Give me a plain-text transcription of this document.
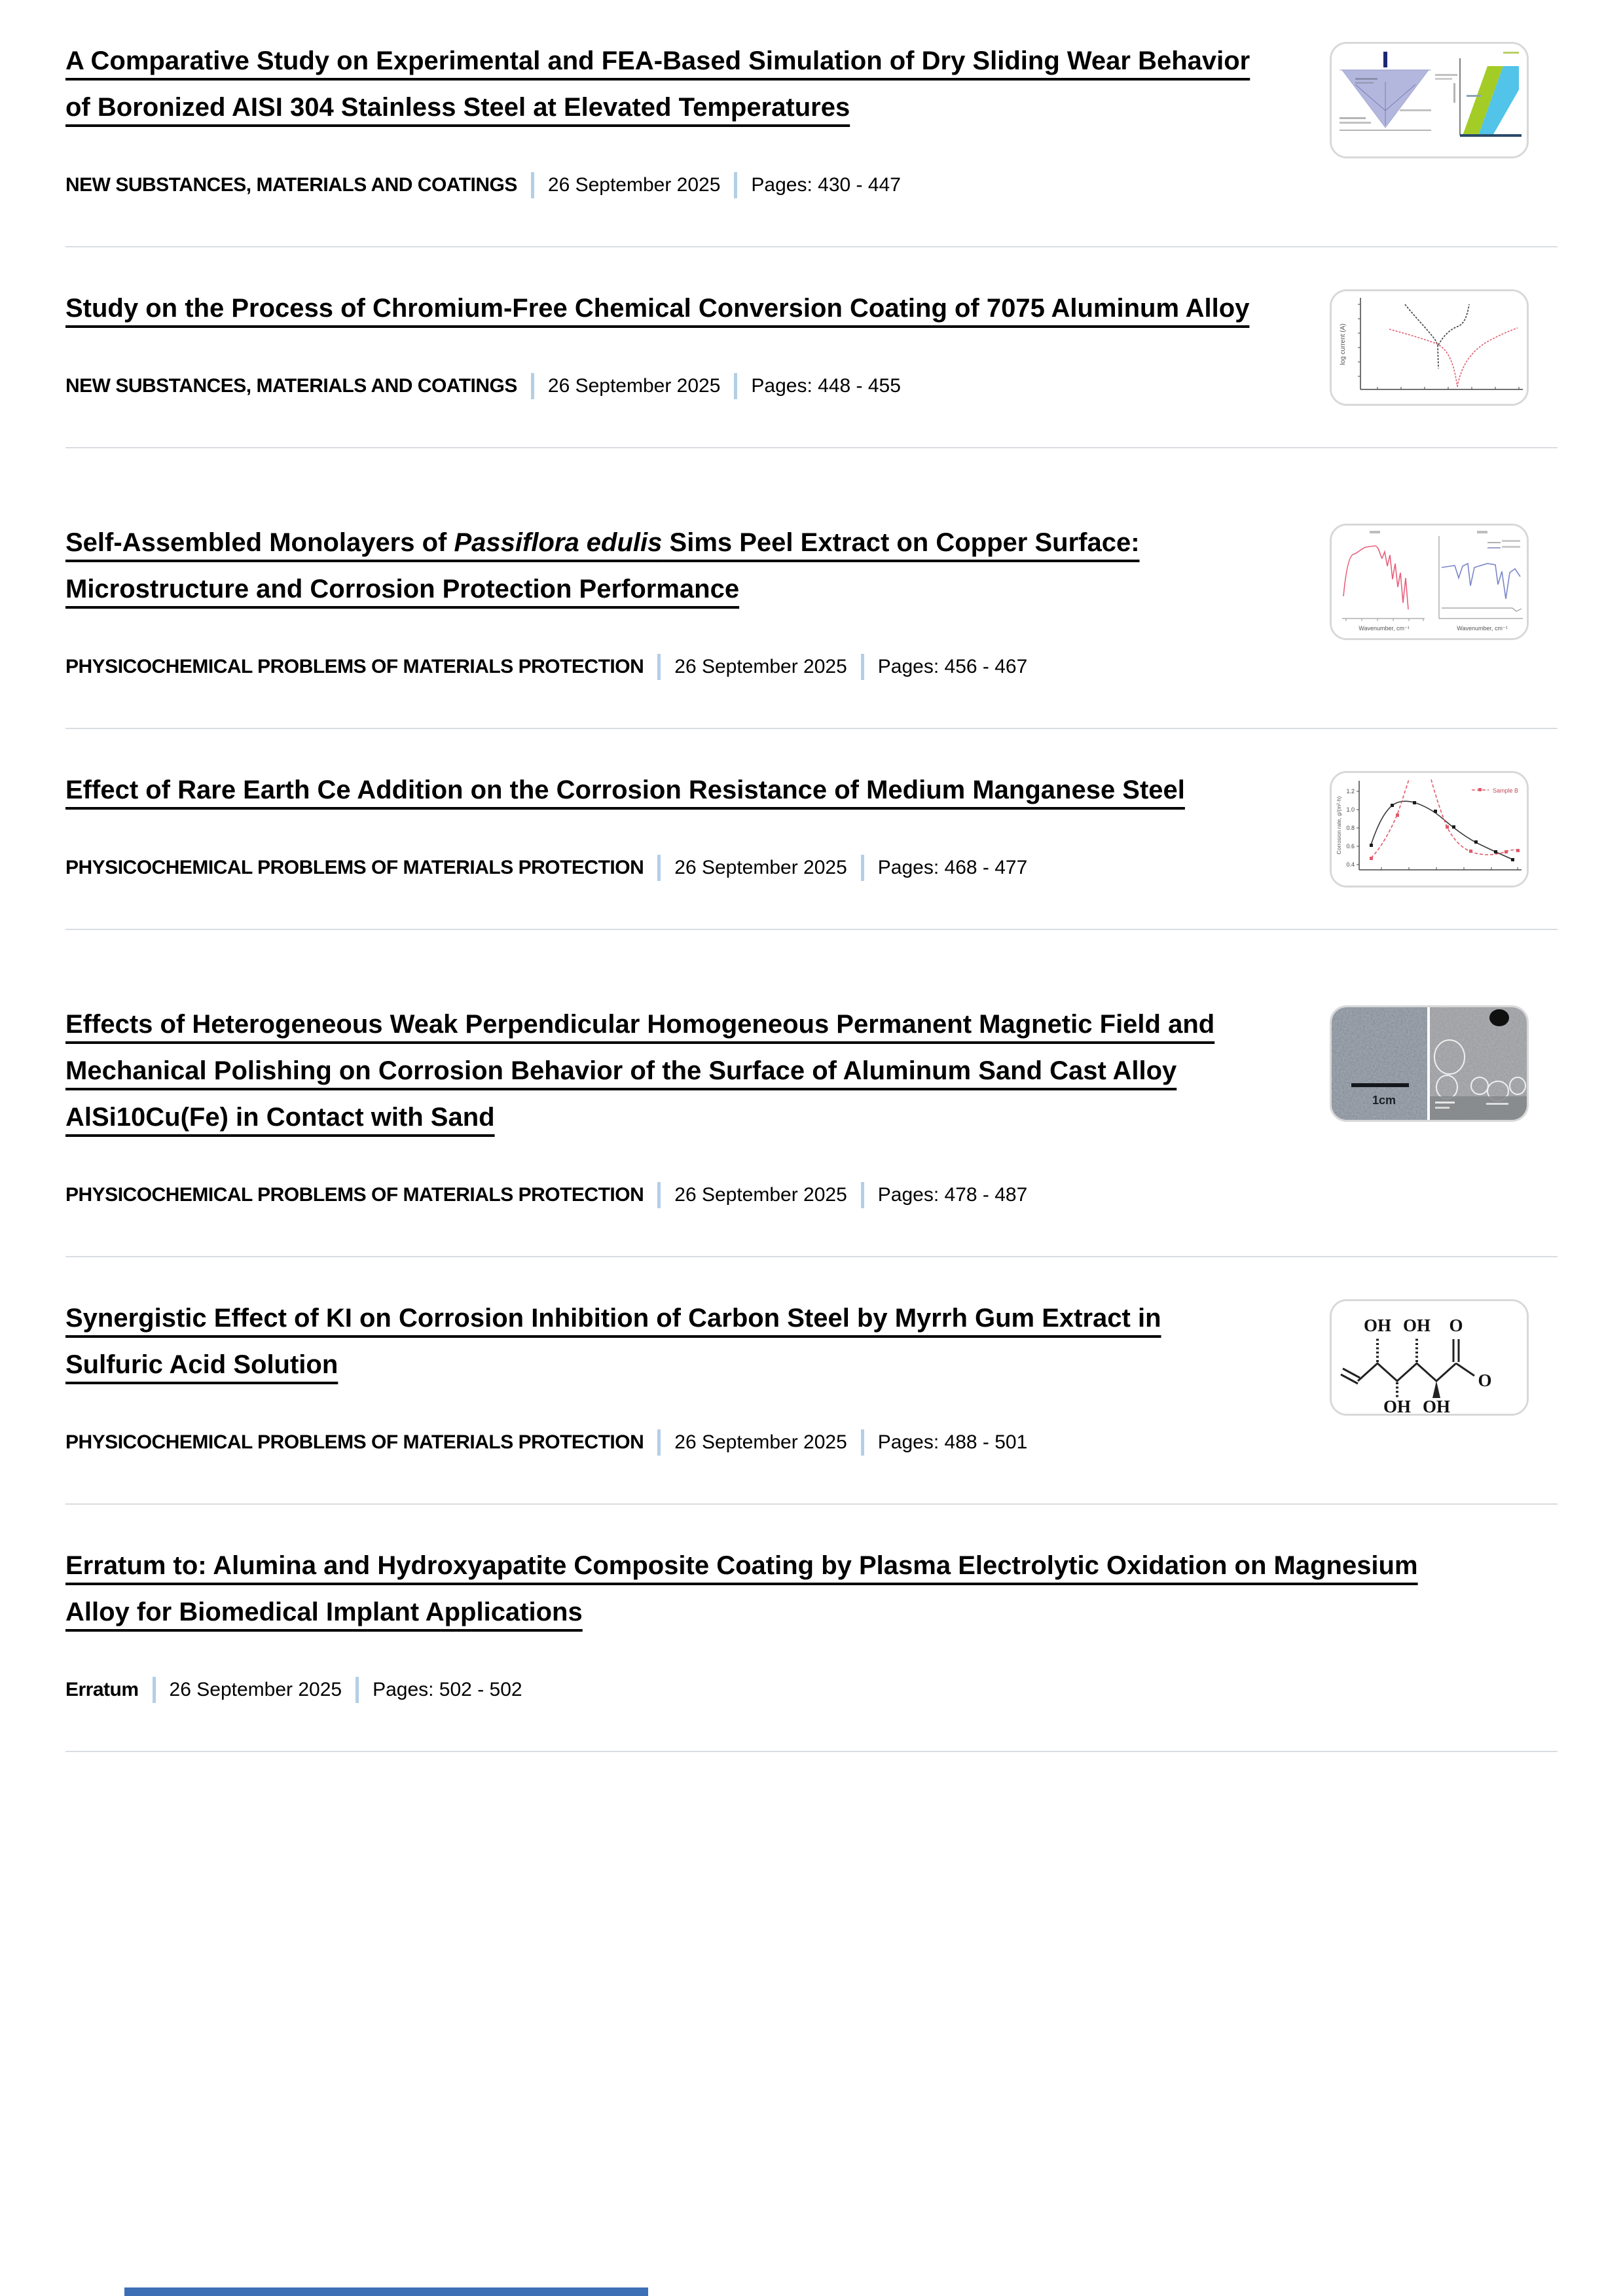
A Comparative Study on Experimental and FEA-Based Simulation of Dry Sliding Wear Behavior of Boronized AISI 304 Stainless Steel at Elevated Temperatures
NEW SUBSTANCES, MATERIALS AND COATINGS 26 September 2025 Pages: 430 - 447
Study on the Process of Chromium-Free Chemical Conversion Coating of 7075 Aluminum Alloy
NEW SUBSTANCES, MATERIALS AND COATINGS 26 September 2025 Pages: 448 - 455
log current (A)
Self-Assembled Monolayers of Passiflora edulis Sims Peel Extract on Copper Surface: Microstructure and Corrosion Protection Performance
PHYSICOCHEMICAL PROBLEMS OF MATERIALS PROTECTION 26 September 2025 Pages: 456 - 467
Wavenumber, cm⁻¹	Wavenumber, cm⁻¹
Effect of Rare Earth Ce Addition on the Corrosion Resistance of Medium Manganese Steel
PHYSICOCHEMICAL PROBLEMS OF MATERIALS PROTECTION 26 September 2025 Pages: 468 - 477
1.2
1.0
0.8
0.6
0.4
Corrosion rate, g/(m²·h)
Sample B
Effects of Heterogeneous Weak Perpendicular Homogeneous Permanent Magnetic Field and Mechanical Polishing on Corrosion Behavior of the Surface of Aluminum Sand Cast Alloy AlSi10Cu(Fe) in Contact with Sand
PHYSICOCHEMICAL PROBLEMS OF MATERIALS PROTECTION 26 September 2025 Pages: 478 - 487
1cm
Synergistic Effect of KI on Corrosion Inhibition of Carbon Steel by Myrrh Gum Extract in Sulfuric Acid Solution
PHYSICOCHEMICAL PROBLEMS OF MATERIALS PROTECTION 26 September 2025 Pages: 488 - 501
OH OH O
OH OH
O
Erratum to: Alumina and Hydroxyapatite Composite Coating by Plasma Electrolytic Oxidation on Magnesium Alloy for Biomedical Implant Applications
Erratum 26 September 2025 Pages: 502 - 502
